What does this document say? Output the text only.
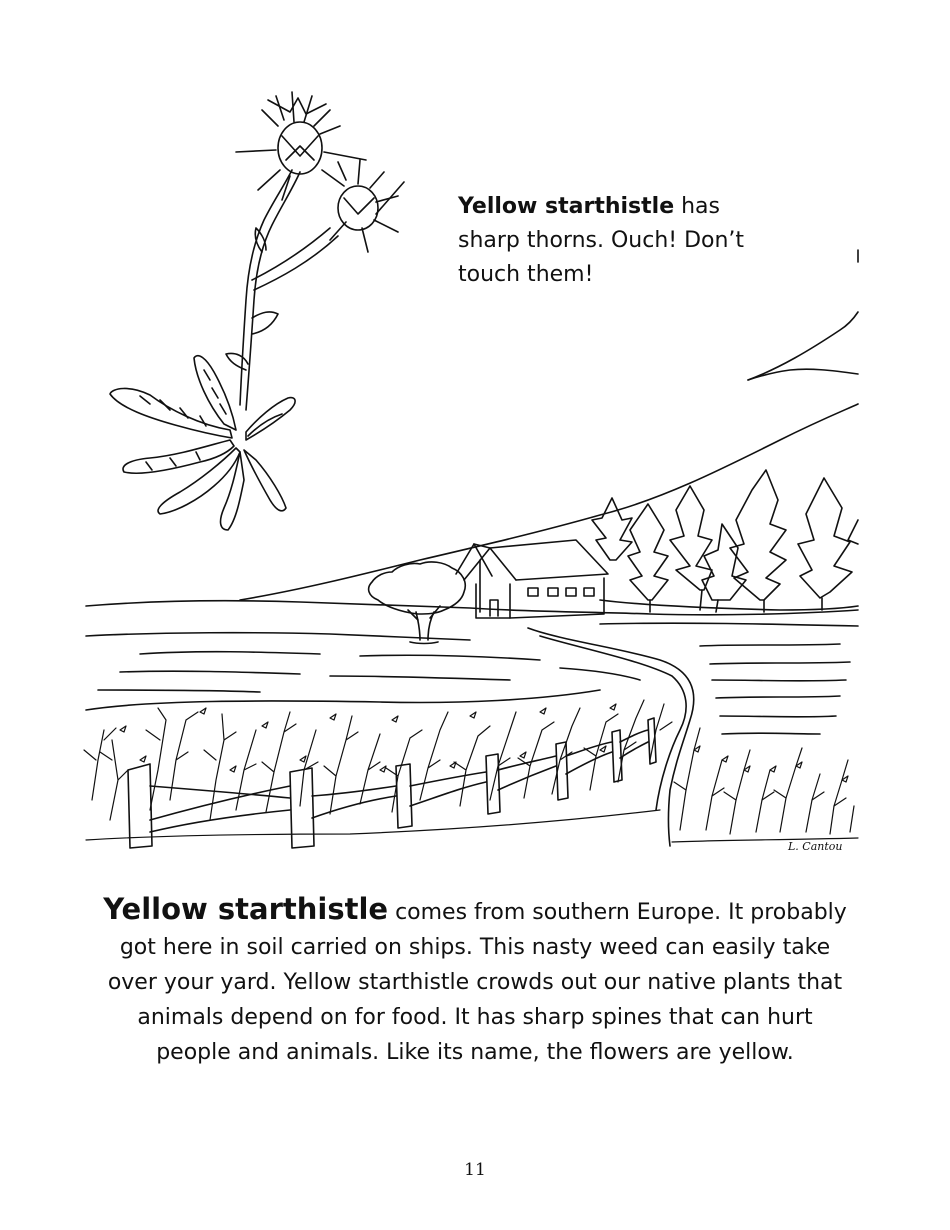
L. Cantou
Yellow starthistle has sharp thorns. Ouch! Don’t touch them!
Yellow starthistle comes from southern Europe. It probably got here in soil carried on ships. This nasty weed can easily take over your yard. Yellow starthistle crowds out our native plants that animals depend on for food. It has sharp spines that can hurt people and animals. Like its name, the flowers are yellow.
11
